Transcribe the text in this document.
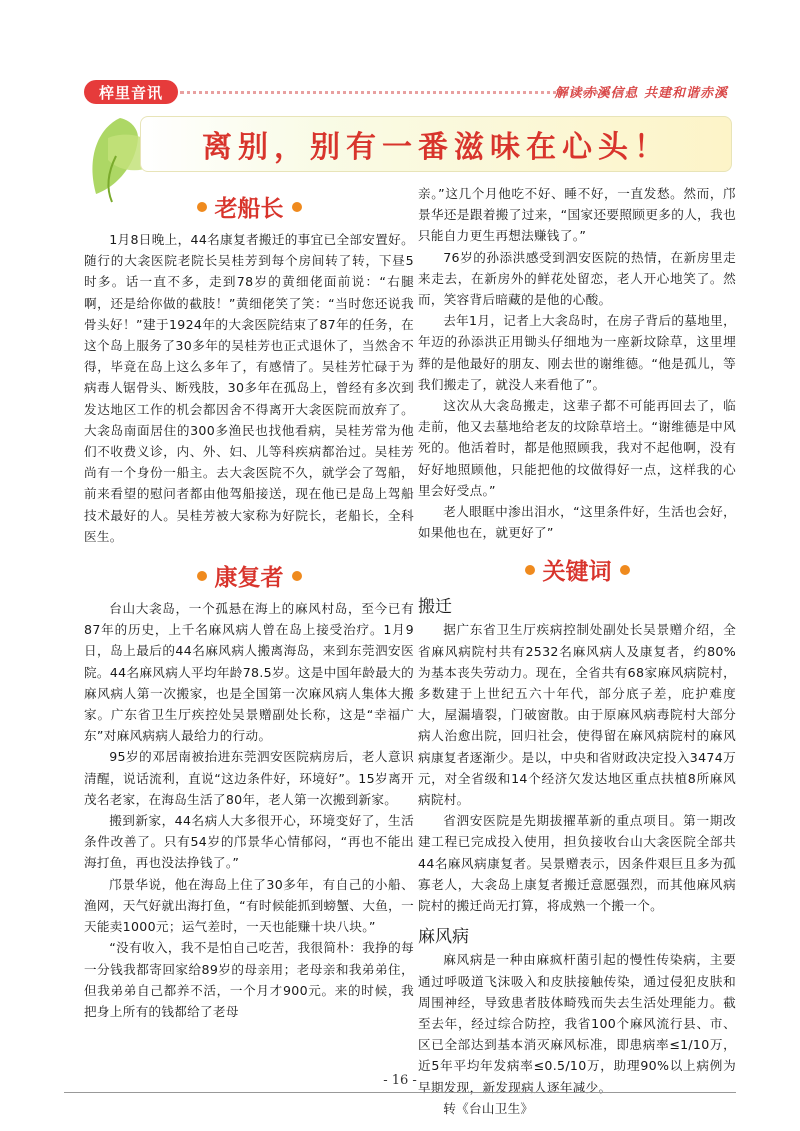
梓里音讯	解读赤溪信息 共建和谐赤溪
离别，别有一番滋味在心头！
老船长

1月8日晚上，44名康复者搬迁的事宜已全部安置好。随行的大衾医院老院长吴桂芳到每个房间转了转，下昼5时多。话一直不多，走到78岁的黄细佬面前说：“右腿啊，还是给你做的截肢！”黄细佬笑了笑：“当时您还说我骨头好！”建于1924年的大衾医院结束了87年的任务，在这个岛上服务了30多年的吴桂芳也正式退休了，当然舍不得，毕竟在岛上这么多年了，有感情了。吴桂芳忙碌于为病毒人锯骨头、断残肢，30多年在孤岛上，曾经有多次到发达地区工作的机会都因舍不得离开大衾医院而放弃了。大衾岛南面居住的300多渔民也找他看病，吴桂芳常为他们不收费义诊，内、外、妇、儿等科疾病都治过。吴桂芳尚有一个身份一船主。去大衾医院不久，就学会了驾船，前来看望的慰问者都由他驾船接送，现在他已是岛上驾船技术最好的人。吴桂芳被大家称为好院长，老船长，全科医生。

康复者

台山大衾岛，一个孤悬在海上的麻风村岛，至今已有87年的历史，上千名麻风病人曾在岛上接受治疗。1月9日，岛上最后的44名麻风病人搬离海岛，来到东莞泗安医院。44名麻风病人平均年龄78.5岁。这是中国年龄最大的麻风病人第一次搬家，也是全国第一次麻风病人集体大搬家。广东省卫生厅疾控处吴景赠副处长称，这是“幸福广东”对麻风病病人最给力的行动。

95岁的邓居南被抬进东莞泗安医院病房后，老人意识清醒，说话流利，直说“这边条件好，环境好”。15岁离开茂名老家，在海岛生活了80年，老人第一次搬到新家。

搬到新家，44名病人大多很开心，环境变好了，生活条件改善了。只有54岁的邝景华心情郁闷，“再也不能出海打鱼，再也没法挣钱了。”

邝景华说，他在海岛上住了30多年，有自己的小船、渔网，天气好就出海打鱼，“有时候能抓到螃蟹、大鱼，一天能卖1000元；运气差时，一天也能赚十块八块。”

“没有收入，我不是怕自己吃苦，我很简朴：我挣的每一分钱我都寄回家给89岁的母亲用；老母亲和我弟弟住，但我弟弟自己都养不活，一个月才900元。来的时候，我把身上所有的钱都给了老母

亲。”这几个月他吃不好、睡不好，一直发愁。然而，邝景华还是跟着搬了过来，“国家还要照顾更多的人，我也只能自力更生再想法赚钱了。”

76岁的孙添洪感受到泗安医院的热情，在新房里走来走去，在新房外的鲜花处留恋，老人开心地笑了。然而，笑容背后暗藏的是他的心酸。

去年1月，记者上大衾岛时，在房子背后的墓地里，年迈的孙添洪正用锄头仔细地为一座新坟除草，这里埋葬的是他最好的朋友、刚去世的谢维德。“他是孤儿，等我们搬走了，就没人来看他了”。

这次从大衾岛搬走，这辈子都不可能再回去了，临走前，他又去墓地给老友的坟除草培土。“谢维德是中风死的。他活着时，都是他照顾我，我对不起他啊，没有好好地照顾他，只能把他的坟做得好一点，这样我的心里会好受点。”

老人眼眶中渗出泪水，“这里条件好，生活也会好，如果他也在，就更好了”

关键词
搬迁

据广东省卫生厅疾病控制处副处长吴景赠介绍，全省麻风病院村共有2532名麻风病人及康复者，约80%为基本丧失劳动力。现在，全省共有68家麻风病院村，多数建于上世纪五六十年代，部分底子差，庇护难度大，屋漏墙裂，门破窗散。由于原麻风病毒院村大部分病人治愈出院，回归社会，使得留在麻风病院村的麻风病康复者逐渐少。是以，中央和省财政决定投入3474万元，对全省级和14个经济欠发达地区重点扶植8所麻风病院村。

省泗安医院是先期拔擢革新的重点项目。第一期改建工程已完成投入使用，担负接收台山大衾医院全部共44名麻风病康复者。吴景赠表示，因条件艰巨且多为孤寡老人，大衾岛上康复者搬迁意愿强烈，而其他麻风病院村的搬迁尚无打算，将成熟一个搬一个。

麻风病

麻风病是一种由麻疯杆菌引起的慢性传染病，主要通过呼吸道飞沫吸入和皮肤接触传染，通过侵犯皮肤和周围神经，导致患者肢体畸残而失去生活处理能力。截至去年，经过综合防控，我省100个麻风流行县、市、区已全部达到基本消灭麻风标准，即患病率≤1/10万，近5年平均年发病率≤0.5/10万，助理90%以上病例为早期发现，新发现病人逐年减少。

转《台山卫生》

- 16 -
